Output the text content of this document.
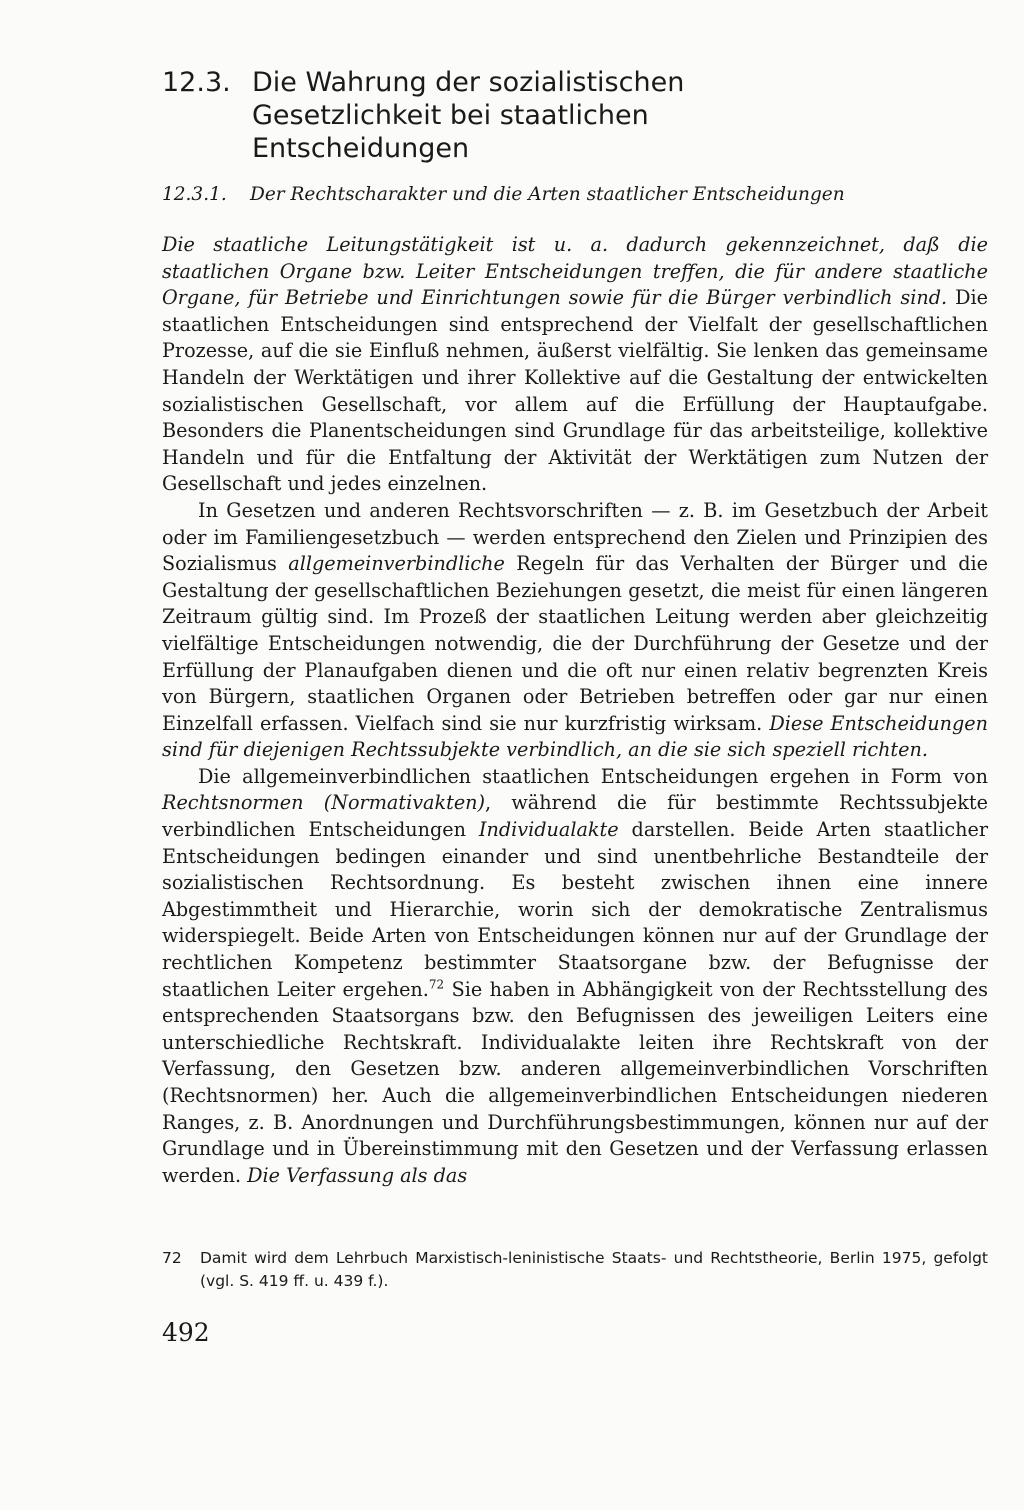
12.3. Die Wahrung der sozialistischen Gesetzlichkeit bei staatlichen Entscheidungen
12.3.1. Der Rechtscharakter und die Arten staatlicher Entscheidungen

Die staatliche Leitungstätigkeit ist u. a. dadurch gekennzeichnet, daß die staatlichen Organe bzw. Leiter Entscheidungen treffen, die für andere staatliche Organe, für Betriebe und Einrichtungen sowie für die Bürger verbindlich sind. Die staatlichen Entscheidungen sind entsprechend der Vielfalt der gesellschaftlichen Prozesse, auf die sie Einfluß nehmen, äußerst vielfältig. Sie lenken das gemeinsame Handeln der Werktätigen und ihrer Kollektive auf die Gestaltung der entwickelten sozialistischen Gesellschaft, vor allem auf die Erfüllung der Hauptaufgabe. Besonders die Planentscheidungen sind Grundlage für das arbeitsteilige, kollektive Handeln und für die Entfaltung der Aktivität der Werktätigen zum Nutzen der Gesellschaft und jedes einzelnen.

In Gesetzen und anderen Rechtsvorschriften — z. B. im Gesetzbuch der Arbeit oder im Familiengesetzbuch — werden entsprechend den Zielen und Prinzipien des Sozialismus allgemeinverbindliche Regeln für das Verhalten der Bürger und die Gestaltung der gesellschaftlichen Beziehungen gesetzt, die meist für einen längeren Zeitraum gültig sind. Im Prozeß der staatlichen Leitung werden aber gleichzeitig vielfältige Entscheidungen notwendig, die der Durchführung der Gesetze und der Erfüllung der Planaufgaben dienen und die oft nur einen relativ begrenzten Kreis von Bürgern, staatlichen Organen oder Betrieben betreffen oder gar nur einen Einzelfall erfassen. Vielfach sind sie nur kurzfristig wirksam. Diese Entscheidungen sind für diejenigen Rechtssubjekte verbindlich, an die sie sich speziell richten.

Die allgemeinverbindlichen staatlichen Entscheidungen ergehen in Form von Rechtsnormen (Normativakten), während die für bestimmte Rechtssubjekte verbindlichen Entscheidungen Individualakte darstellen. Beide Arten staatlicher Entscheidungen bedingen einander und sind unentbehrliche Bestandteile der sozialistischen Rechtsordnung. Es besteht zwischen ihnen eine innere Abgestimmtheit und Hierarchie, worin sich der demokratische Zentralismus widerspiegelt. Beide Arten von Entscheidungen können nur auf der Grundlage der rechtlichen Kompetenz bestimmter Staatsorgane bzw. der Befugnisse der staatlichen Leiter ergehen.$^{72}$ Sie haben in Abhängigkeit von der Rechtsstellung des entsprechenden Staatsorgans bzw. den Befugnissen des jeweiligen Leiters eine unterschiedliche Rechtskraft. Individualakte leiten ihre Rechtskraft von der Verfassung, den Gesetzen bzw. anderen allgemeinverbindlichen Vorschriften (Rechtsnormen) her. Auch die allgemeinverbindlichen Entscheidungen niederen Ranges, z. B. Anordnungen und Durchführungsbestimmungen, können nur auf der Grundlage und in Übereinstimmung mit den Gesetzen und der Verfassung erlassen werden. Die Verfassung als das

72 Damit wird dem Lehrbuch Marxistisch-leninistische Staats- und Rechtstheorie, Berlin 1975, gefolgt (vgl. S. 419 ff. u. 439 f.).
492
